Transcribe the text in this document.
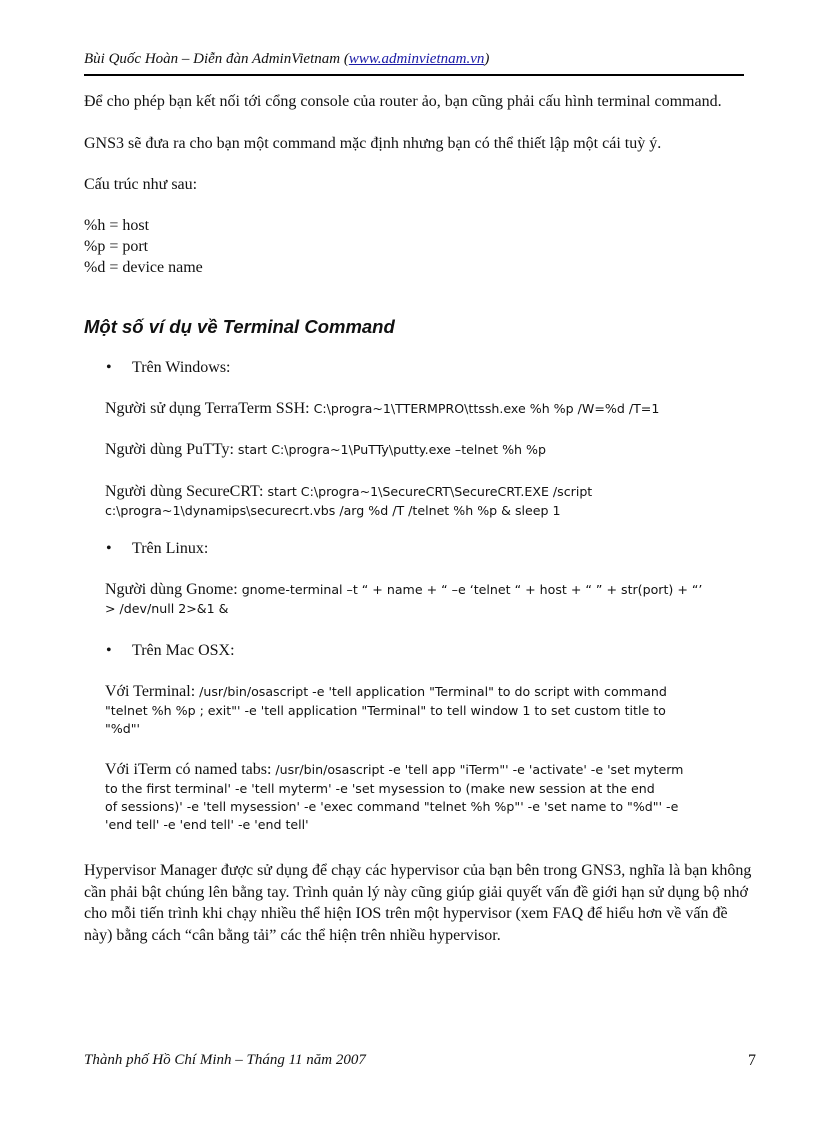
Bùi Quốc Hoàn – Diễn đàn AdminVietnam (www.adminvietnam.vn)

Để cho phép bạn kết nối tới cổng console của router ảo, bạn cũng phải cấu hình terminal command.

GNS3 sẽ đưa ra cho bạn một command mặc định nhưng bạn có thể thiết lập một cái tuỳ ý.

Cấu trúc như sau:

%h = host

%p = port

%d = device name

Một số ví dụ về Terminal Command
• Trên Windows:

Người sử dụng TerraTerm SSH: C:\progra~1\TTERMPRO\ttssh.exe %h %p /W=%d /T=1

Người dùng PuTTy: start C:\progra~1\PuTTy\putty.exe –telnet %h %p

Người dùng SecureCRT: start C:\progra~1\SecureCRT\SecureCRT.EXE /script
c:\progra~1\dynamips\securecrt.vbs /arg %d /T /telnet %h %p & sleep 1
• Trên Linux:
Người dùng Gnome: gnome-terminal –t “ + name + “ –e ‘telnet “ + host + “ ” + str(port) + “’
> /dev/null 2>&1 &
• Trên Mac OSX:
Với Terminal: /usr/bin/osascript -e 'tell application "Terminal" to do script with command
"telnet %h %p ; exit"' -e 'tell application "Terminal" to tell window 1 to set custom title to
"%d"'
Với iTerm có named tabs: /usr/bin/osascript -e 'tell app "iTerm"' -e 'activate' -e 'set myterm
to the first terminal' -e 'tell myterm' -e 'set mysession to (make new session at the end
of sessions)' -e 'tell mysession' -e 'exec command "telnet %h %p"' -e 'set name to "%d"' -e
'end tell' -e 'end tell' -e 'end tell'

Hypervisor Manager được sử dụng để chạy các hypervisor của bạn bên trong GNS3, nghĩa là bạn không cần phải bật chúng lên bằng tay. Trình quản lý này cũng giúp giải quyết vấn đề giới hạn sử dụng bộ nhớ cho mỗi tiến trình khi chạy nhiều thể hiện IOS trên một hypervisor (xem FAQ để hiểu hơn về vấn đề này) bằng cách “cân bằng tải” các thể hiện trên nhiều hypervisor.

Thành phố Hồ Chí Minh – Tháng 11 năm 2007	7
